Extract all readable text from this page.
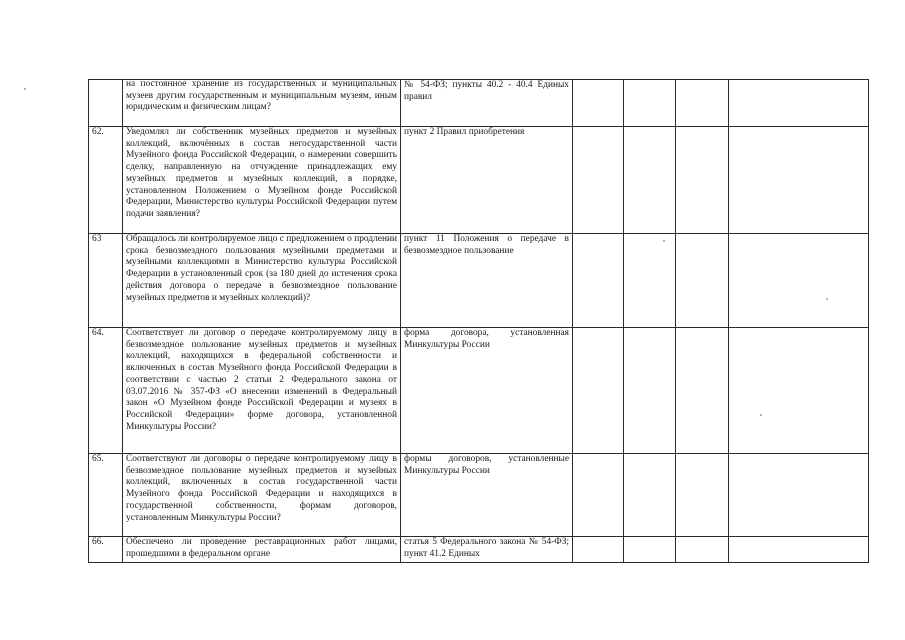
	на постоянное хранение из государственных и муниципальных музеев другим государственным и муниципальным музеям, иным юридическим и физическим лицам?	№ 54-ФЗ; пункты 40.2 - 40.4 Единых правил				
62.	Уведомлял ли собственник музейных предметов и музейных коллекций, включённых в состав негосударственной части Музейного фонда Российской Федерации, о намерении совершить сделку, направленную на отчуждение принадлежащих ему музейных предметов и музейных коллекций, в порядке, установленном Положением о Музейном фонде Российской Федерации, Министерство культуры Российской Федерации путем подачи заявления?	пункт 2 Правил приобретения				
63	Обращалось ли контролируемое лицо с предложением о продлении срока безвозмездного пользования музейными предметами и музейными коллекциями в Министерство культуры Российской Федерации в установленный срок (за 180 дней до истечения срока действия договора о передаче в безвозмездное пользование музейных предметов и музейных коллекций)?	пункт 11 Положения о передаче в безвозмездное пользование				
64.	Соответствует ли договор о передаче контролируемому лицу в безвозмездное пользование музейных предметов и музейных коллекций, находящихся в федеральной собственности и включенных в состав Музейного фонда Российской Федерации в соответствии с частью 2 статьи 2 Федерального закона от 03.07.2016 № 357-ФЗ «О внесении изменений в Федеральный закон «О Музейном фонде Российской Федерации и музеях в Российской Федерации» форме договора, установленной Минкультуры России?	форма договора, установленная Минкультуры России				
65.	Соответствуют ли договоры о передаче контролируемому лицу в безвозмездное пользование музейных предметов и музейных коллекций, включенных в состав государственной части Музейного фонда Российской Федерации и находящихся в государственной собственности, формам договоров, установленным Минкультуры России?	формы договоров, установленные Минкультуры России				
66.	Обеспечено ли проведение реставрационных работ лицами, прошедшими в федеральном органе	статья 5 Федерального закона № 54-ФЗ; пункт 41.2 Единых				
